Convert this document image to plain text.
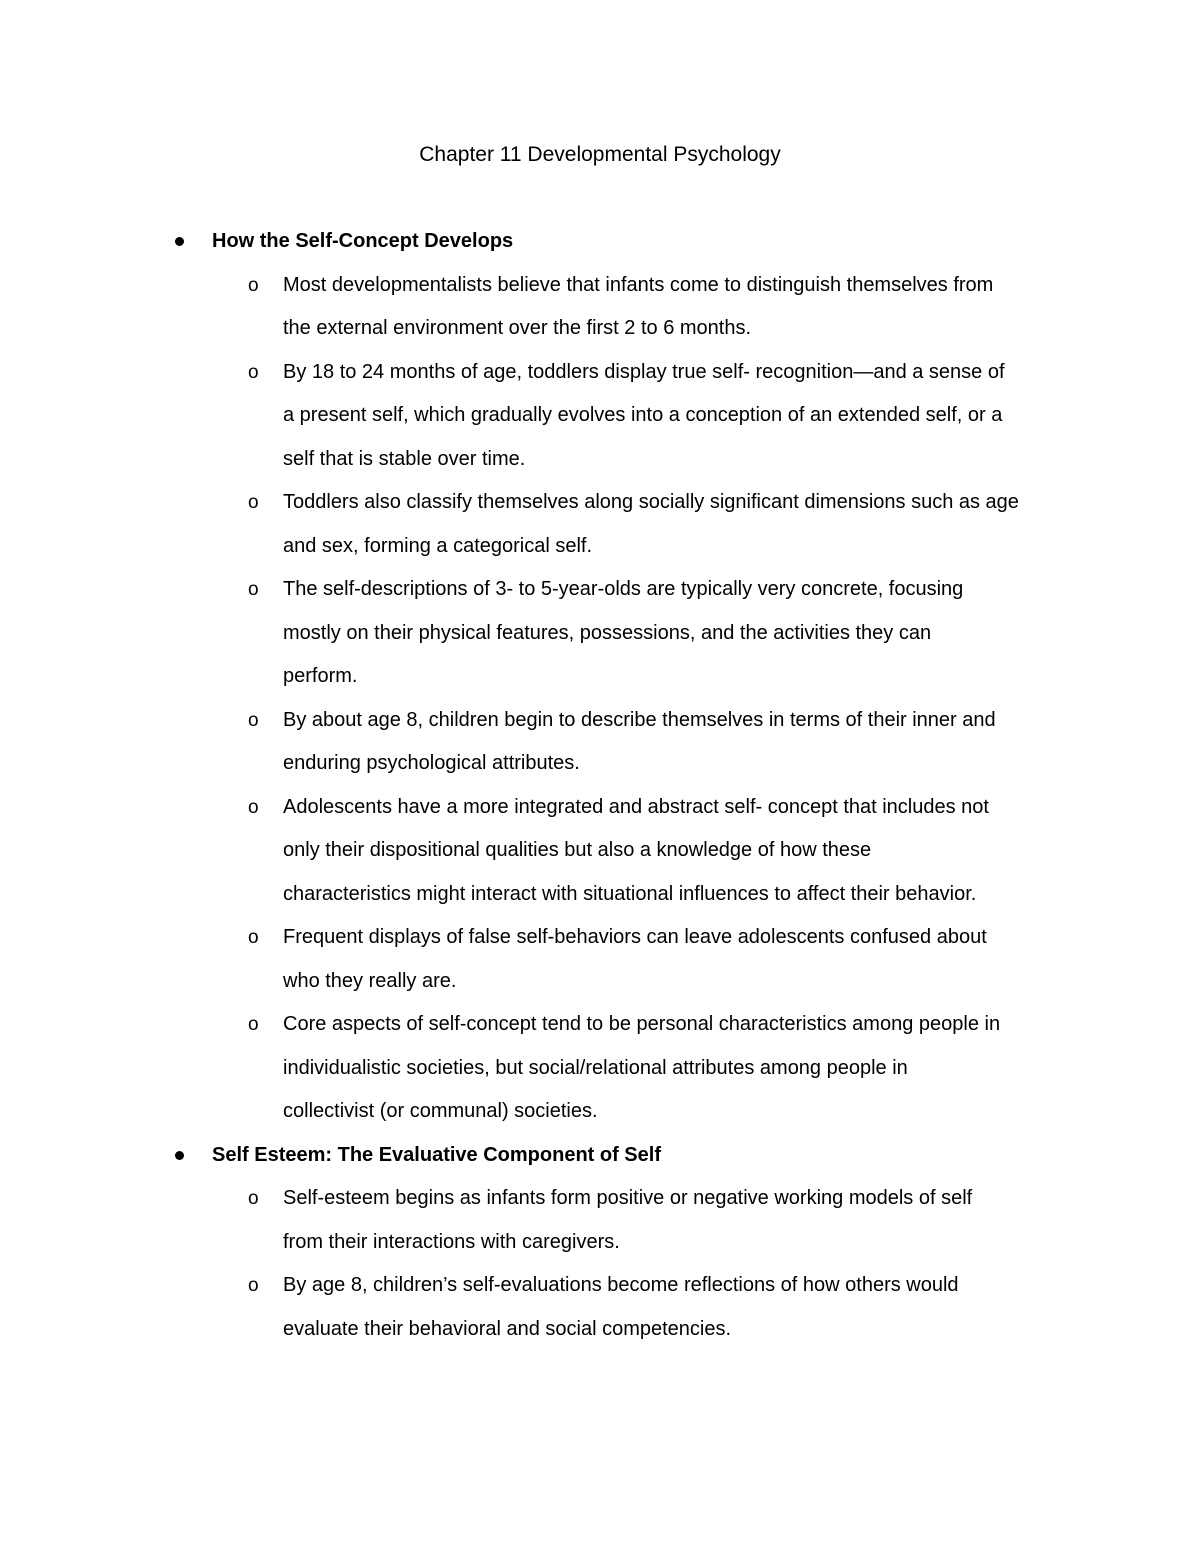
Chapter 11 Developmental Psychology
How the Self-Concept Develops
o Most developmentalists believe that infants come to distinguish themselves from
the external environment over the first 2 to 6 months.
o By 18 to 24 months of age, toddlers display true self- recognition—and a sense of
a present self, which gradually evolves into a conception of an extended self, or a
self that is stable over time.
o Toddlers also classify themselves along socially significant dimensions such as age
and sex, forming a categorical self.
o The self-descriptions of 3- to 5-year-olds are typically very concrete, focusing
mostly on their physical features, possessions, and the activities they can
perform.
o By about age 8, children begin to describe themselves in terms of their inner and
enduring psychological attributes.
o Adolescents have a more integrated and abstract self- concept that includes not
only their dispositional qualities but also a knowledge of how these
characteristics might interact with situational influences to affect their behavior.
o Frequent displays of false self-behaviors can leave adolescents confused about
who they really are.
o Core aspects of self-concept tend to be personal characteristics among people in
individualistic societies, but social/relational attributes among people in
collectivist (or communal) societies.
Self Esteem: The Evaluative Component of Self
o Self-esteem begins as infants form positive or negative working models of self
from their interactions with caregivers.
o By age 8, children’s self-evaluations become reflections of how others would
evaluate their behavioral and social competencies.
